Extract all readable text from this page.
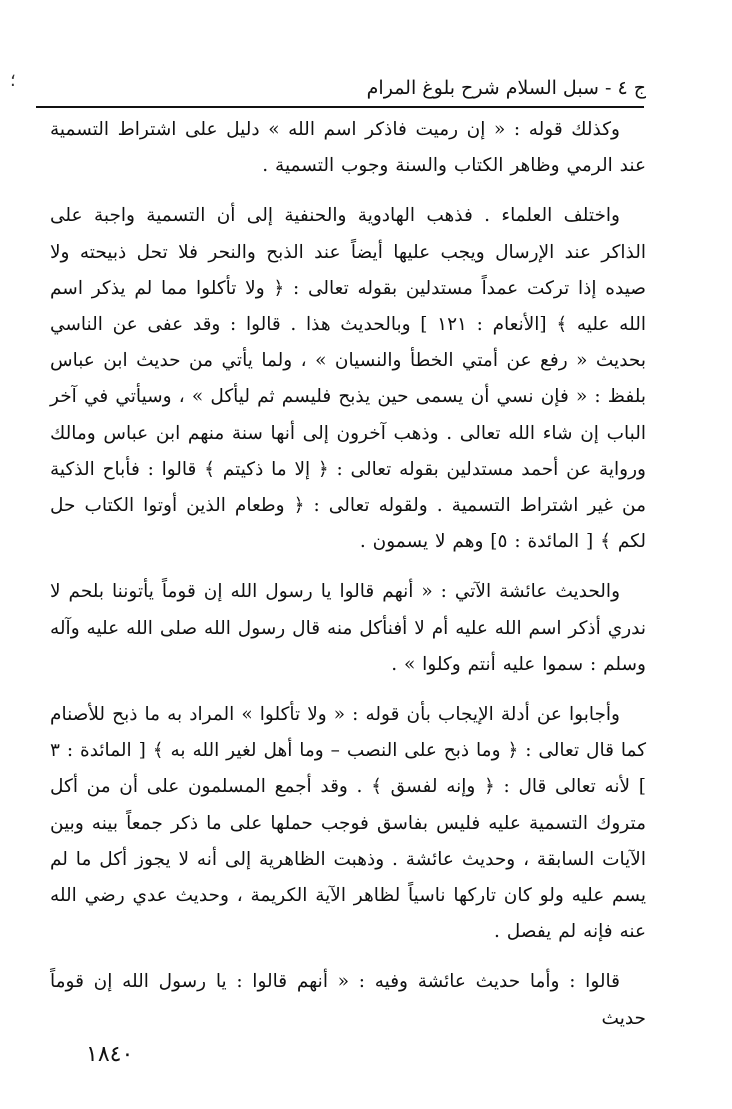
ج ٤ - سبل السلام شرح بلوغ المرام
؛

وكذلك قوله : « إن رميت فاذكر اسم الله » دليل على اشتراط التسمية عند الرمي وظاهر الكتاب والسنة وجوب التسمية .

واختلف العلماء . فذهب الهادوية والحنفية إلى أن التسمية واجبة على الذاكر عند الإرسال ويجب عليها أيضاً عند الذبح والنحر فلا تحل ذبيحته ولا صيده إذا تركت عمداً مستدلين بقوله تعالى : ﴿ ولا تأكلوا مما لم يذكر اسم الله عليه ﴾ [الأنعام : ١٢١ ] وبالحديث هذا . قالوا : وقد عفى عن الناسي بحديث « رفع عن أمتي الخطأ والنسيان » ، ولما يأتي من حديث ابن عباس بلفظ : « فإن نسي أن يسمى حين يذبح فليسم ثم ليأكل » ، وسيأتي في آخر الباب إن شاء الله تعالى . وذهب آخرون إلى أنها سنة منهم ابن عباس ومالك ورواية عن أحمد مستدلين بقوله تعالى : ﴿ إلا ما ذكيتم ﴾ قالوا : فأباح الذكية من غير اشتراط التسمية . ولقوله تعالى : ﴿ وطعام الذين أوتوا الكتاب حل لكم ﴾ [ المائدة : ٥] وهم لا يسمون .

والحديث عائشة الآتي : « أنهم قالوا يا رسول الله إن قوماً يأتوننا بلحم لا ندري أذكر اسم الله عليه أم لا أفنأكل منه قال رسول الله صلى الله عليه وآله وسلم : سموا عليه أنتم وكلوا » .

وأجابوا عن أدلة الإيجاب بأن قوله : « ولا تأكلوا » المراد به ما ذبح للأصنام كما قال تعالى : ﴿ وما ذبح على النصب – وما أهل لغير الله به ﴾ [ المائدة : ٣ ] لأنه تعالى قال : ﴿ وإنه لفسق ﴾ . وقد أجمع المسلمون على أن من أكل متروك التسمية عليه فليس بفاسق فوجب حملها على ما ذكر جمعاً بينه وبين الآيات السابقة ، وحديث عائشة . وذهبت الظاهرية إلى أنه لا يجوز أكل ما لم يسم عليه ولو كان تاركها ناسياً لظاهر الآية الكريمة ، وحديث عدي رضي الله عنه فإنه لم يفصل .

قالوا : وأما حديث عائشة وفيه : « أنهم قالوا : يا رسول الله إن قوماً حديث

١٨٤٠
